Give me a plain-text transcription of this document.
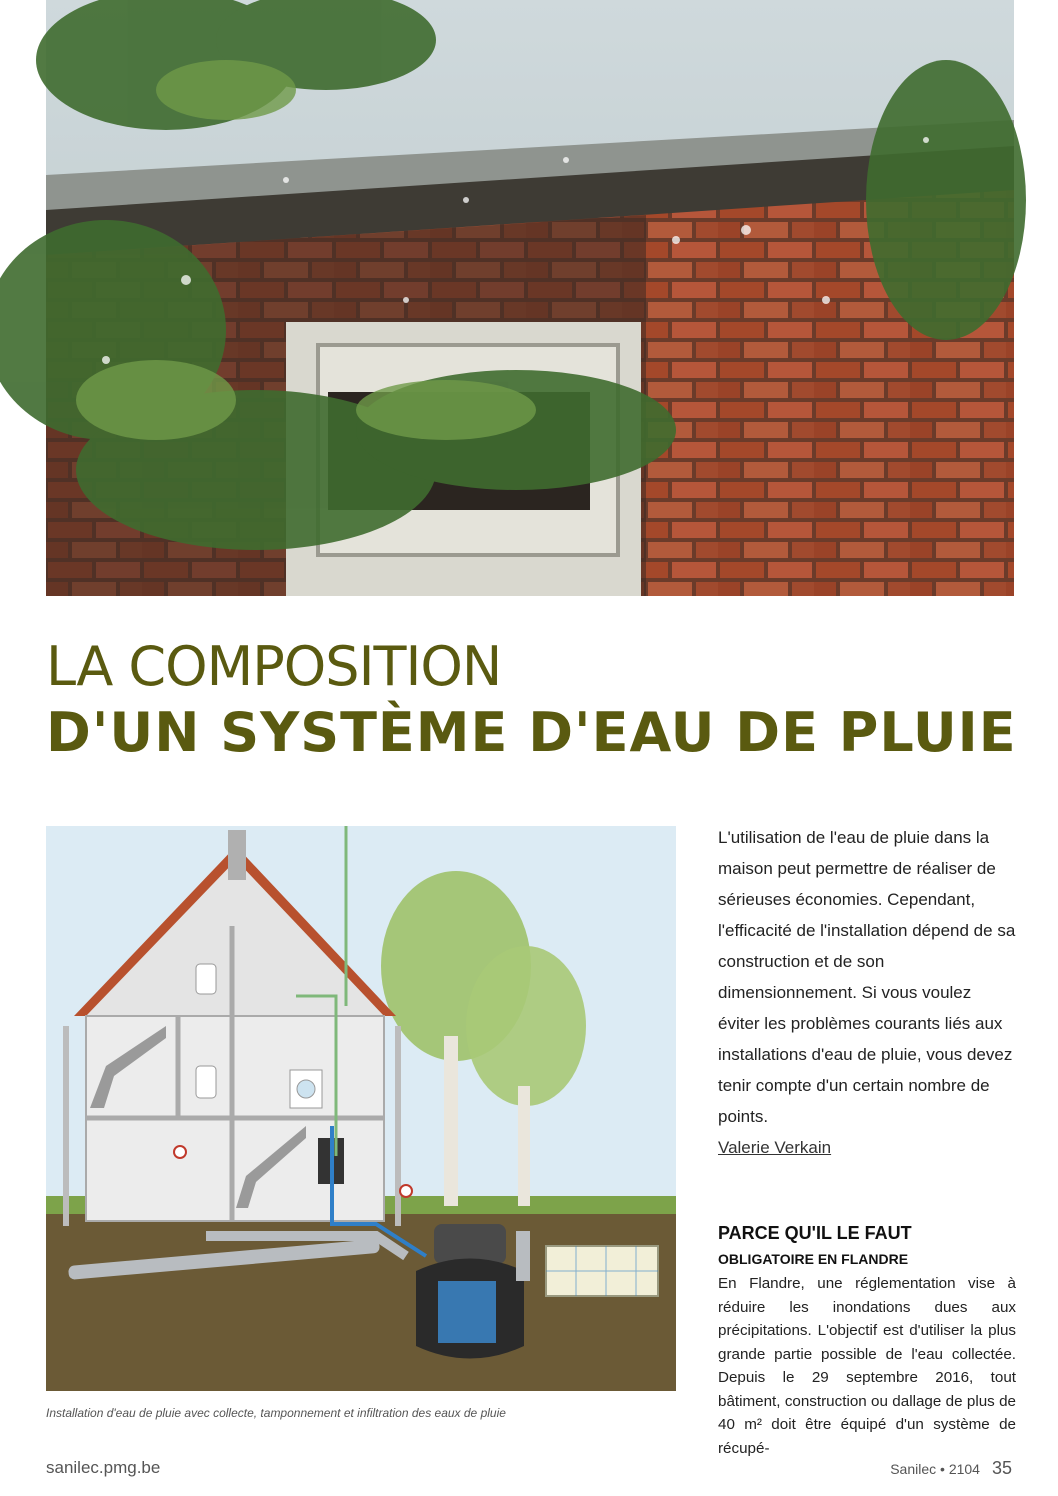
LA COMPOSITION
D'UN SYSTÈME D'EAU DE PLUIE
PEP Design, Kempen

Installation d'eau de pluie avec collecte, tamponnement et infiltration des eaux de pluie

L'utilisation de l'eau de pluie dans la maison peut permettre de réaliser de sérieuses économies. Cependant, l'efficacité de l'installation dépend de sa construction et de son dimensionnement. Si vous voulez éviter les problèmes courants liés aux installations d'eau de pluie, vous devez tenir compte d'un certain nombre de points.

Valerie Verkain

PARCE QU'IL LE FAUT

OBLIGATOIRE EN FLANDRE

En Flandre, une réglementation vise à réduire les inondations dues aux précipitations. L'objectif est d'utiliser la plus grande partie possible de l'eau collectée. Depuis le 29 septembre 2016, tout bâtiment, construction ou dallage de plus de 40 m² doit être équipé d'un système de récupé-

sanilec.pmg.be	Sanilec • 2104 35
